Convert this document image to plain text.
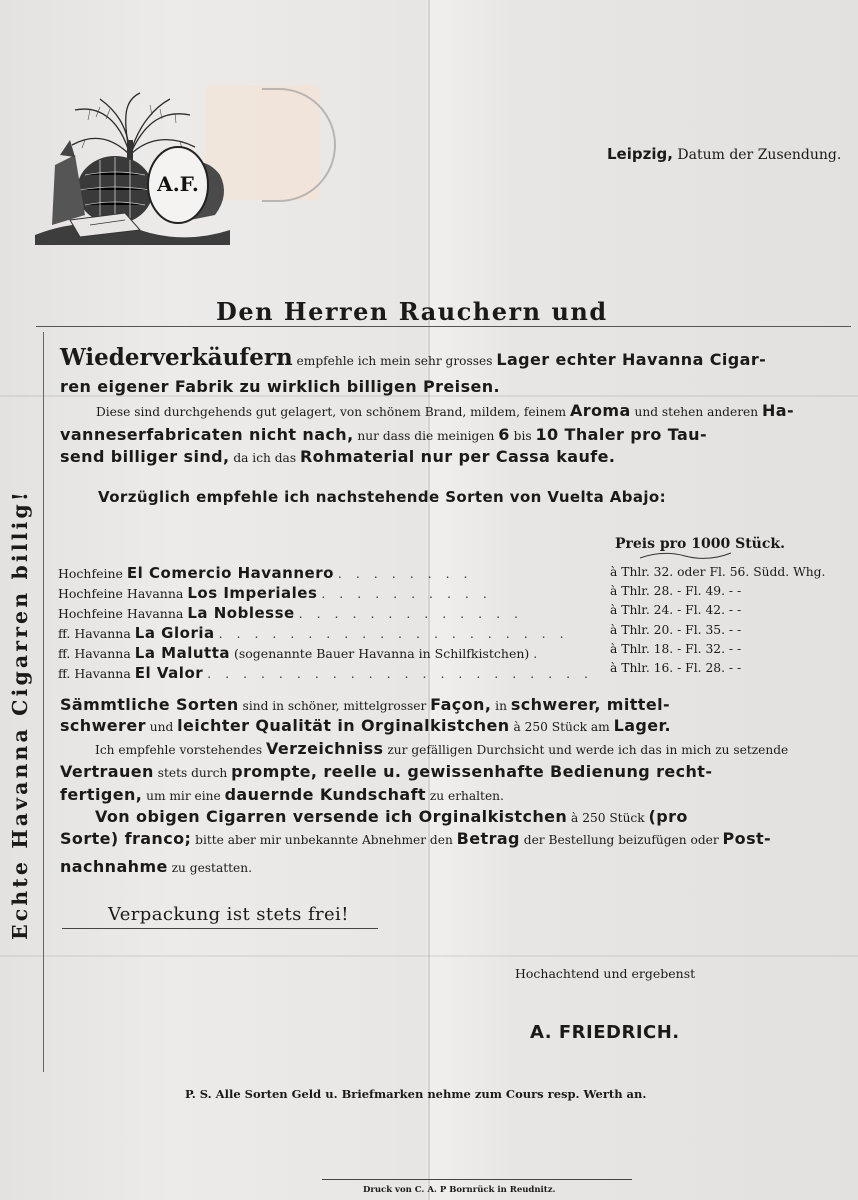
A.F.
Leipzig, Datum der Zusendung.
Den Herren Rauchern und
Echte Havanna Cigarren billig!
Wiederverkäufern empfehle ich mein sehr grosses Lager echter Havanna Cigar-
ren eigener Fabrik zu wirklich billigen Preisen.
Diese sind durchgehends gut gelagert, von schönem Brand, mildem, feinem Aroma und stehen anderen Ha-
vanneserfabricaten nicht nach, nur dass die meinigen 6 bis 10 Thaler pro Tau-
send billiger sind, da ich das Rohmaterial nur per Cassa kaufe.
Vorzüglich empfehle ich nachstehende Sorten von Vuelta Abajo:
Preis pro 1000 Stück.
Hochfeine El Comercio Havannero . . . . . . . .	à Thlr. 32. oder Fl. 56. Südd. Whg.
Hochfeine Havanna Los Imperiales . . . . . . . . . .	à Thlr. 28. - Fl. 49. - -
Hochfeine Havanna La Noblesse . . . . . . . . . . . . .	à Thlr. 24. - Fl. 42. - -
ff. Havanna La Gloria . . . . . . . . . . . . . . . . . . . .	à Thlr. 20. - Fl. 35. - -
ff. Havanna La Malutta (sogenannte Bauer Havanna in Schilfkistchen) .	à Thlr. 18. - Fl. 32. - -
ff. Havanna El Valor . . . . . . . . . . . . . . . . . . . . . . à Thlr. 16. - Fl. 28. - -
Sämmtliche Sorten sind in schöner, mittelgrosser Façon, in schwerer, mittel-
schwerer und leichter Qualität in Orginalkistchen à 250 Stück am Lager.
Ich empfehle vorstehendes Verzeichniss zur gefälligen Durchsicht und werde ich das in mich zu setzende
Vertrauen stets durch prompte, reelle u. gewissenhafte Bedienung recht-
fertigen, um mir eine dauernde Kundschaft zu erhalten.
Von obigen Cigarren versende ich Orginalkistchen à 250 Stück (pro
Sorte) franco; bitte aber mir unbekannte Abnehmer den Betrag der Bestellung beizufügen oder Post-
nachnahme zu gestatten.
Verpackung ist stets frei!
Hochachtend und ergebenst
A. FRIEDRICH.
P. S. Alle Sorten Geld u. Briefmarken nehme zum Cours resp. Werth an.
Druck von C. A. P Bornrück in Reudnitz.
